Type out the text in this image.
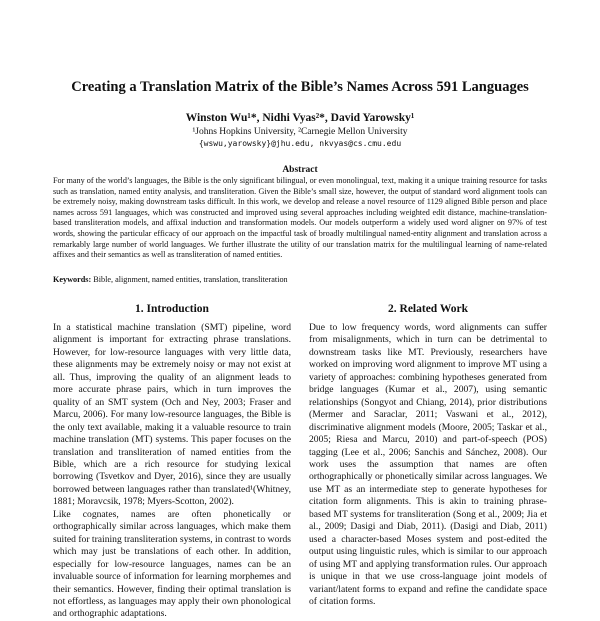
Creating a Translation Matrix of the Bible’s Names Across 591 Languages
Winston Wu¹*, Nidhi Vyas²*, David Yarowsky¹
¹Johns Hopkins University, ²Carnegie Mellon University
{wswu,yarowsky}@jhu.edu, nkvyas@cs.cmu.edu
Abstract
For many of the world’s languages, the Bible is the only significant bilingual, or even monolingual, text, making it a unique training resource for tasks such as translation, named entity analysis, and transliteration. Given the Bible’s small size, however, the output of standard word alignment tools can be extremely noisy, making downstream tasks difficult. In this work, we develop and release a novel resource of 1129 aligned Bible person and place names across 591 languages, which was constructed and improved using several approaches including weighted edit distance, machine-translation-based transliteration models, and affixal induction and transformation models. Our models outperform a widely used word aligner on 97% of test words, showing the particular efficacy of our approach on the impactful task of broadly multilingual named-entity alignment and translation across a remarkably large number of world languages. We further illustrate the utility of our translation matrix for the multilingual learning of name-related affixes and their semantics as well as transliteration of named entities.
Keywords: Bible, alignment, named entities, translation, transliteration
1. Introduction

In a statistical machine translation (SMT) pipeline, word alignment is important for extracting phrase translations. However, for low-resource languages with very little data, these alignments may be extremely noisy or may not exist at all. Thus, improving the quality of an alignment leads to more accurate phrase pairs, which in turn improves the quality of an SMT system (Och and Ney, 2003; Fraser and Marcu, 2006). For many low-resource languages, the Bible is the only text available, making it a valuable resource to train machine translation (MT) systems. This paper focuses on the translation and transliteration of named entities from the Bible, which are a rich resource for studying lexical borrowing (Tsvetkov and Dyer, 2016), since they are usually borrowed between languages rather than translated¹(Whitney, 1881; Moravcsik, 1978; Myers-Scotton, 2002).

Like cognates, names are often phonetically or orthographically similar across languages, which make them suited for training transliteration systems, in contrast to words which may just be translations of each other. In addition, especially for low-resource languages, names can be an invaluable source of information for learning morphemes and their semantics. However, finding their optimal translation is not effortless, as languages may apply their own phonological and orthographic adaptations.

2. Related Work

Due to low frequency words, word alignments can suffer from misalignments, which in turn can be detrimental to downstream tasks like MT. Previously, researchers have worked on improving word alignment to improve MT using a variety of approaches: combining hypotheses generated from bridge languages (Kumar et al., 2007), using semantic relationships (Songyot and Chiang, 2014), prior distributions (Mermer and Saraclar, 2011; Vaswani et al., 2012), discriminative alignment models (Moore, 2005; Taskar et al., 2005; Riesa and Marcu, 2010) and part-of-speech (POS) tagging (Lee et al., 2006; Sanchis and Sánchez, 2008). Our work uses the assumption that names are often orthographically or phonetically similar across languages. We use MT as an intermediate step to generate hypotheses for citation form alignments. This is akin to training phrase-based MT systems for transliteration (Song et al., 2009; Jia et al., 2009; Dasigi and Diab, 2011). (Dasigi and Diab, 2011) used a character-based Moses system and post-edited the output using linguistic rules, which is similar to our approach of using MT and applying transformation rules. Our approach is unique in that we use cross-language joint models of variant/latent forms to expand and refine the candidate space of citation forms.
